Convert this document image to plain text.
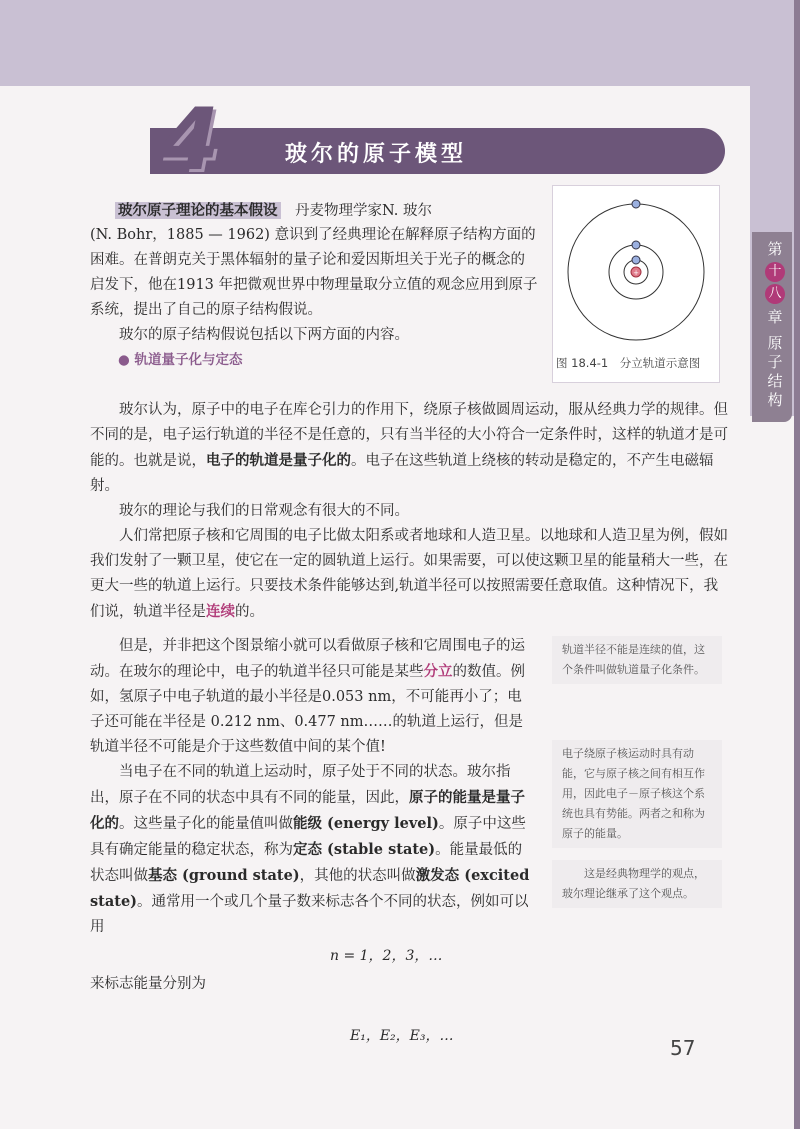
第
十
八
章
原子结构
玻尔的原子模型
4

玻尔原子理论的基本假设　 丹麦物理学家N. 玻尔

(N. Bohr，1885 — 1962) 意识到了经典理论在解释原子结构方面的困难。在普朗克关于黑体辐射的量子论和爱因斯坦关于光子的概念的启发下，他在1913 年把微观世界中物理量取分立值的观念应用到原子系统，提出了自己的原子结构假说。

玻尔的原子结构假说包括以下两方面的内容。

● 轨道量子化与定态

+
图 18.4-1　分立轨道示意图

玻尔认为，原子中的电子在库仑引力的作用下，绕原子核做圆周运动，服从经典力学的规律。但不同的是，电子运行轨道的半径不是任意的，只有当半径的大小符合一定条件时，这样的轨道才是可能的。也就是说，电子的轨道是量子化的。电子在这些轨道上绕核的转动是稳定的，不产生电磁辐射。

玻尔的理论与我们的日常观念有很大的不同。

人们常把原子核和它周围的电子比做太阳系或者地球和人造卫星。以地球和人造卫星为例，假如我们发射了一颗卫星，使它在一定的圆轨道上运行。如果需要，可以使这颗卫星的能量稍大一些，在更大一些的轨道上运行。只要技术条件能够达到,轨道半径可以按照需要任意取值。这种情况下，我们说，轨道半径是连续的。

但是，并非把这个图景缩小就可以看做原子核和它周围电子的运动。在玻尔的理论中，电子的轨道半径只可能是某些分立的数值。例如，氢原子中电子轨道的最小半径是0.053 nm，不可能再小了；电子还可能在半径是 0.212 nm、0.477 nm……的轨道上运行，但是轨道半径不可能是介于这些数值中间的某个值!

当电子在不同的轨道上运动时，原子处于不同的状态。玻尔指出，原子在不同的状态中具有不同的能量，因此，原子的能量是量子化的。这些量子化的能量值叫做能级 (energy level)。原子中这些具有确定能量的稳定状态，称为定态 (stable state)。能量最低的状态叫做基态 (ground state)，其他的状态叫做激发态 (excited state)。通常用一个或几个量子数来标志各个不同的状态，例如可以用

n = 1，2，3，…
来标志能量分别为
E₁，E₂，E₃，…
轨道半径不能是连续的值，这个条件叫做轨道量子化条件。
电子绕原子核运动时具有动能，它与原子核之间有相互作用，因此电子－原子核这个系统也具有势能。两者之和称为原子的能量。
这是经典物理学的观点，玻尔理论继承了这个观点。
57
